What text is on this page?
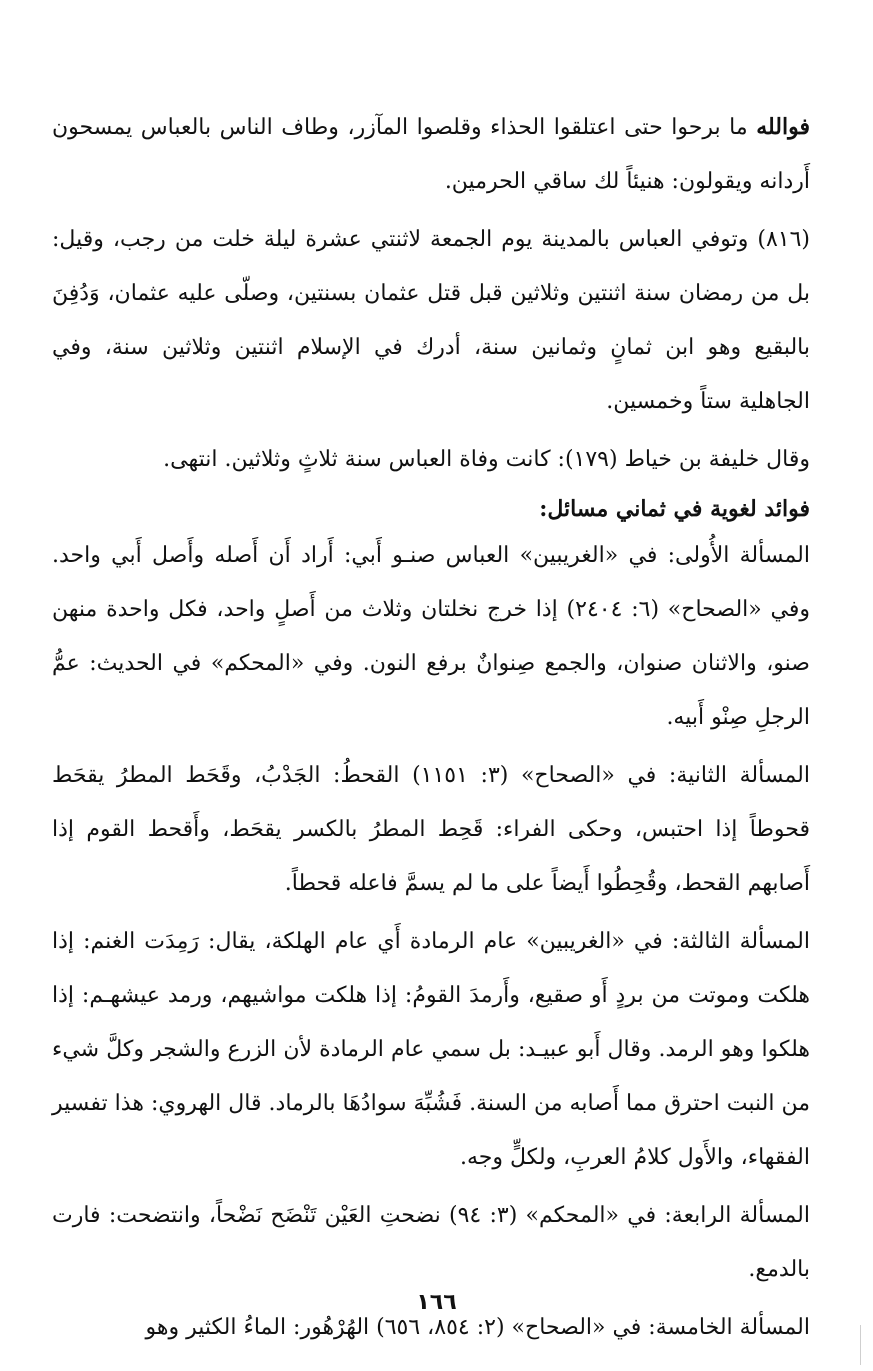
فوالله ما برحوا حتى اعتلقوا الحذاء وقلصوا المآزر، وطاف الناس بالعباس يمسحون أَردانه ويقولون: هنيئاً لك ساقي الحرمين.

(٨١٦) وتوفي العباس بالمدينة يوم الجمعة لاثنتي عشرة ليلة خلت من رجب، وقيل: بل من رمضان سنة اثنتين وثلاثين قبل قتل عثمان بسنتين، وصلّى عليه عثمان، وَدُفِنَ بالبقيع وهو ابن ثمانٍ وثمانين سنة، أدرك في الإسلام اثنتين وثلاثين سنة، وفي الجاهلية ستاً وخمسين.

وقال خليفة بن خياط (١٧٩): كانت وفاة العباس سنة ثلاثٍ وثلاثين. انتهى.

فوائد لغوية في ثماني مسائل:

المسألة الأُولى: في «الغريبين» العباس صنـو أَبي: أَراد أَن أَصله وأَصل أَبي واحد. وفي «الصحاح» (٦: ٢٤٠٤) إذا خرج نخلتان وثلاث من أَصلٍ واحد، فكل واحدة منهن صنو، والاثنان صنوان، والجمع صِنوانٌ برفع النون. وفي «المحكم» في الحديث: عمُّ الرجلِ صِنْو أَبيه.

المسألة الثانية: في «الصحاح» (٣: ١١٥١) القحطُ: الجَدْبُ، وقَحَط المطرُ يقحَط قحوطاً إذا احتبس، وحكى الفراء: قَحِط المطرُ بالكسر يقحَط، وأَقحط القوم إذا أَصابهم القحط، وقُحِطُوا أَيضاً على ما لم يسمَّ فاعله قحطاً.

المسألة الثالثة: في «الغريبين» عام الرمادة أَي عام الهلكة، يقال: رَمِدَت الغنم: إذا هلكت وموتت من بردٍ أَو صقيع، وأَرمدَ القومُ: إذا هلكت مواشيهم، ورمد عيشهـم: إذا هلكوا وهو الرمد. وقال أَبو عبيـد: بل سمي عام الرمادة لأن الزرع والشجر وكلَّ شيء من النبت احترق مما أَصابه من السنة. فَشُبِّهَ سوادُهَا بالرماد. قال الهروي: هذا تفسير الفقهاء، والأَول كلامُ العربِ، ولكلٍّ وجه.

المسألة الرابعة: في «المحكم» (٣: ٩٤) نضحتِ العَيْن تَنْضَح نَضْحاً، وانتضحت: فارت بالدمع.

المسألة الخامسة: في «الصحاح» (٢: ٨٥٤، ٦٥٦) الهُرْهُور: الماءُ الكثير وهو

١٦٦
